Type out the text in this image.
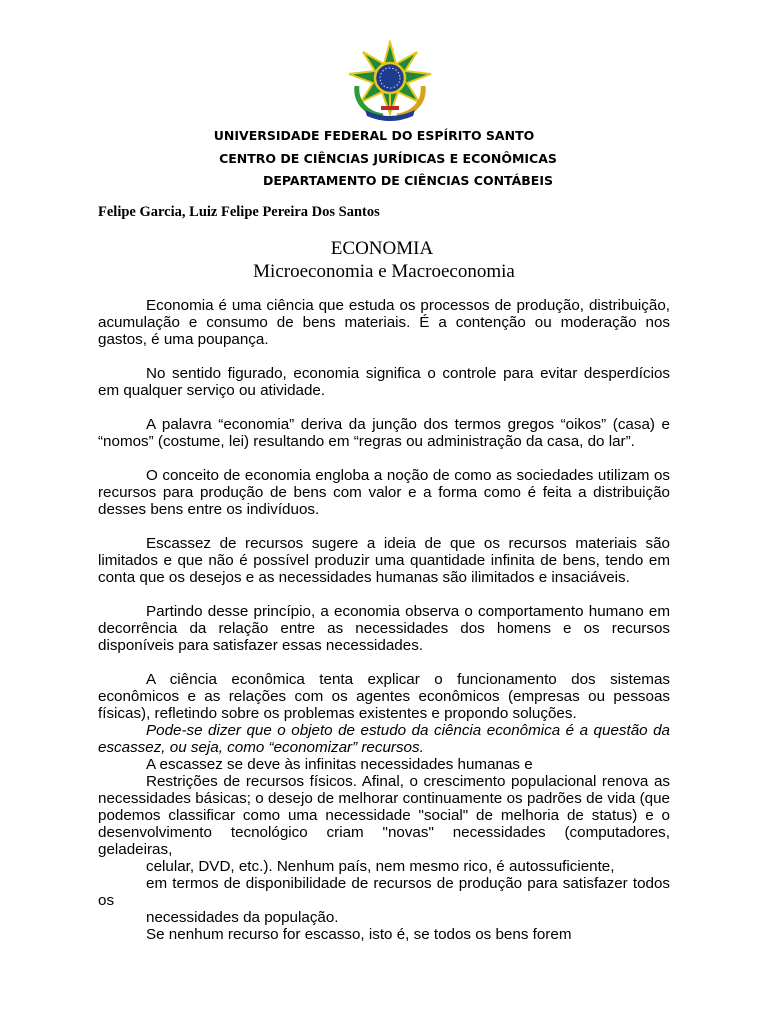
UNIVERSIDADE FEDERAL DO ESPÍRITO SANTO
CENTRO DE CIÊNCIAS JURÍDICAS E ECONÔMICAS
DEPARTAMENTO DE CIÊNCIAS CONTÁBEIS
Felipe Garcia, Luiz Felipe Pereira Dos Santos
ECONOMIA
Microeconomia e Macroeconomia

Economia é uma ciência que estuda os processos de produção, distribuição, acumulação e consumo de bens materiais. É a contenção ou moderação nos gastos, é uma poupança.

No sentido figurado, economia significa o controle para evitar desperdícios em qualquer serviço ou atividade.

A palavra “economia” deriva da junção dos termos gregos “oikos” (casa) e “nomos” (costume, lei) resultando em “regras ou administração da casa, do lar”.

O conceito de economia engloba a noção de como as sociedades utilizam os recursos para produção de bens com valor e a forma como é feita a distribuição desses bens entre os indivíduos.

Escassez de recursos sugere a ideia de que os recursos materiais são limitados e que não é possível produzir uma quantidade infinita de bens, tendo em conta que os desejos e as necessidades humanas são ilimitados e insaciáveis.

Partindo desse princípio, a economia observa o comportamento humano em decorrência da relação entre as necessidades dos homens e os recursos disponíveis para satisfazer essas necessidades.

A ciência econômica tenta explicar o funcionamento dos sistemas econômicos e as relações com os agentes econômicos (empresas ou pessoas físicas), refletindo sobre os problemas existentes e propondo soluções.

Pode-se dizer que o objeto de estudo da ciência econômica é a questão da escassez, ou seja, como “economizar” recursos.

A escassez se deve às infinitas necessidades humanas e

Restrições de recursos físicos. Afinal, o crescimento populacional renova as necessidades básicas; o desejo de melhorar continuamente os padrões de vida (que podemos classificar como uma necessidade "social" de melhoria de status) e o desenvolvimento tecnológico criam "novas" necessidades (computadores, geladeiras,

celular, DVD, etc.). Nenhum país, nem mesmo rico, é autossuficiente,

em termos de disponibilidade de recursos de produção para satisfazer todos os

necessidades da população.

Se nenhum recurso for escasso, isto é, se todos os bens forem
